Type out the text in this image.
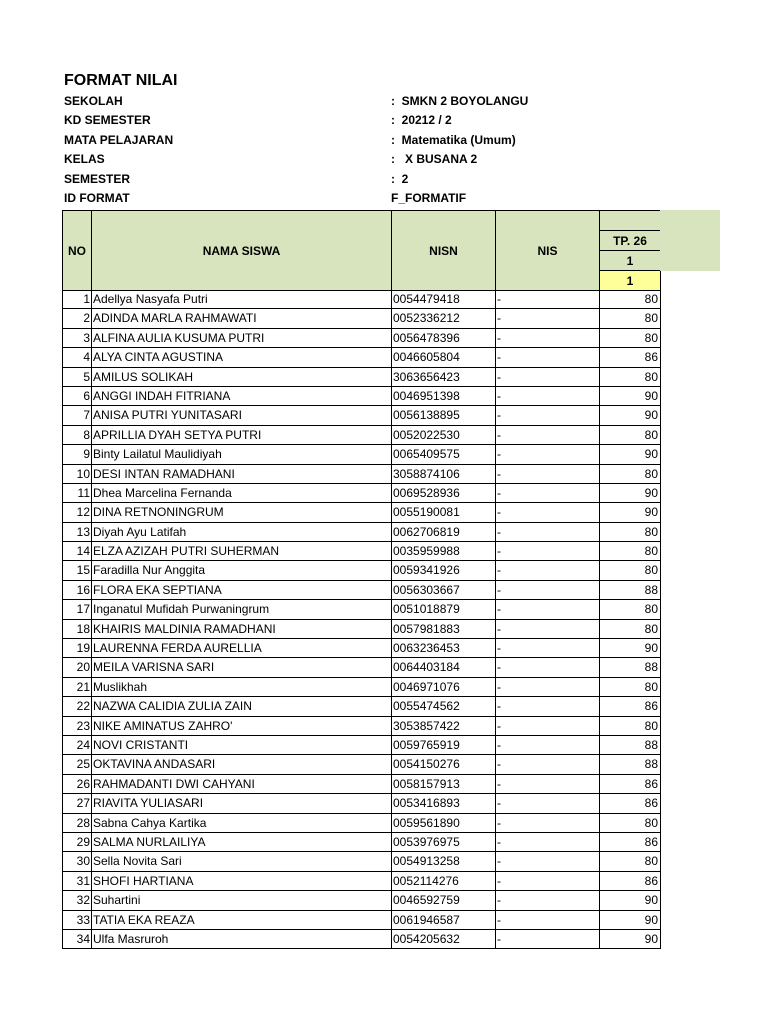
FORMAT NILAI
SEKOLAH	:  SMKN 2 BOYOLANGU
KD SEMESTER	:  20212 / 2
MATA PELAJARAN	:  Matematika (Umum)
KELAS	:   X BUSANA 2
SEMESTER	:  2
ID FORMAT	F_FORMATIF
NO	NAMA SISWA	NISN	NIS
TP. 26
1
1
1 Adellya Nasyafa Putri	0054479418	-	80
2 ADINDA MARLA RAHMAWATI	0052336212	-	80
3 ALFINA AULIA KUSUMA PUTRI	0056478396	-	80
4 ALYA CINTA AGUSTINA	0046605804	-	86
5 AMILUS SOLIKAH	3063656423	-	80
6 ANGGI INDAH FITRIANA	0046951398	-	90
7 ANISA PUTRI YUNITASARI	0056138895	-	90
8 APRILLIA DYAH SETYA PUTRI	0052022530	-	80
9 Binty Lailatul Maulidiyah	0065409575	-	90
10 DESI INTAN RAMADHANI	3058874106	-	80
11 Dhea Marcelina Fernanda	0069528936	-	90
12 DINA RETNONINGRUM	0055190081	-	90
13 Diyah Ayu Latifah	0062706819	-	80
14 ELZA AZIZAH PUTRI SUHERMAN	0035959988	-	80
15 Faradilla Nur Anggita	0059341926	-	80
16 FLORA EKA SEPTIANA	0056303667	-	88
17 Inganatul Mufidah Purwaningrum	0051018879	-	80
18 KHAIRIS MALDINIA RAMADHANI	0057981883	-	80
19 LAURENNA FERDA AURELLIA	0063236453	-	90
20 MEILA VARISNA SARI	0064403184	-	88
21 Muslikhah	0046971076	-	80
22 NAZWA CALIDIA ZULIA ZAIN	0055474562	-	86
23 NIKE AMINATUS ZAHRO'	3053857422	-	80
24 NOVI CRISTANTI	0059765919	-	88
25 OKTAVINA ANDASARI	0054150276	-	88
26 RAHMADANTI DWI CAHYANI	0058157913	-	86
27 RIAVITA YULIASARI	0053416893	-	86
28 Sabna Cahya Kartika	0059561890	-	80
29 SALMA NURLAILIYA	0053976975	-	86
30 Sella Novita Sari	0054913258	-	80
31 SHOFI HARTIANA	0052114276	-	86
32 Suhartini	0046592759	-	90
33 TATIA EKA REAZA	0061946587	-	90
34 Ulfa Masruroh	0054205632	-	90
